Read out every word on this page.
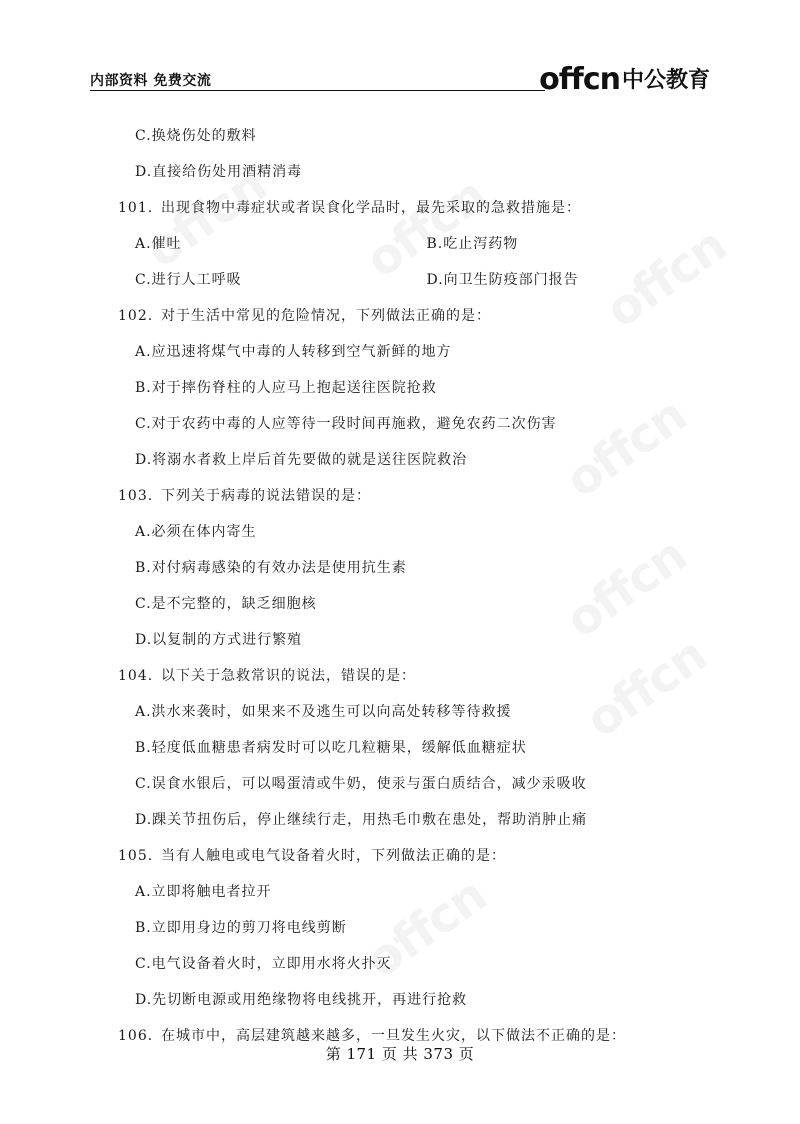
内部资料 免费交流	offcn 中公教育
C.换烧伤处的敷料
D.直接给伤处用酒精消毒
101. 出现食物中毒症状或者误食化学品时，最先采取的急救措施是：
A.催吐	B.吃止泻药物
C.进行人工呼吸	D.向卫生防疫部门报告
102. 对于生活中常见的危险情况，下列做法正确的是：
A.应迅速将煤气中毒的人转移到空气新鲜的地方
B.对于摔伤脊柱的人应马上抱起送往医院抢救
C.对于农药中毒的人应等待一段时间再施救，避免农药二次伤害
D.将溺水者救上岸后首先要做的就是送往医院救治
103. 下列关于病毒的说法错误的是：
A.必须在体内寄生
B.对付病毒感染的有效办法是使用抗生素
C.是不完整的，缺乏细胞核
D.以复制的方式进行繁殖
104. 以下关于急救常识的说法，错误的是：
A.洪水来袭时，如果来不及逃生可以向高处转移等待救援
B.轻度低血糖患者病发时可以吃几粒糖果，缓解低血糖症状
C.误食水银后，可以喝蛋清或牛奶，使汞与蛋白质结合，减少汞吸收
D.踝关节扭伤后，停止继续行走，用热毛巾敷在患处，帮助消肿止痛
105. 当有人触电或电气设备着火时，下列做法正确的是：
A.立即将触电者拉开
B.立即用身边的剪刀将电线剪断
C.电气设备着火时，立即用水将火扑灭
D.先切断电源或用绝缘物将电线挑开，再进行抢救
106. 在城市中，高层建筑越来越多，一旦发生火灾，以下做法不正确的是：
第 171 页 共 373 页
